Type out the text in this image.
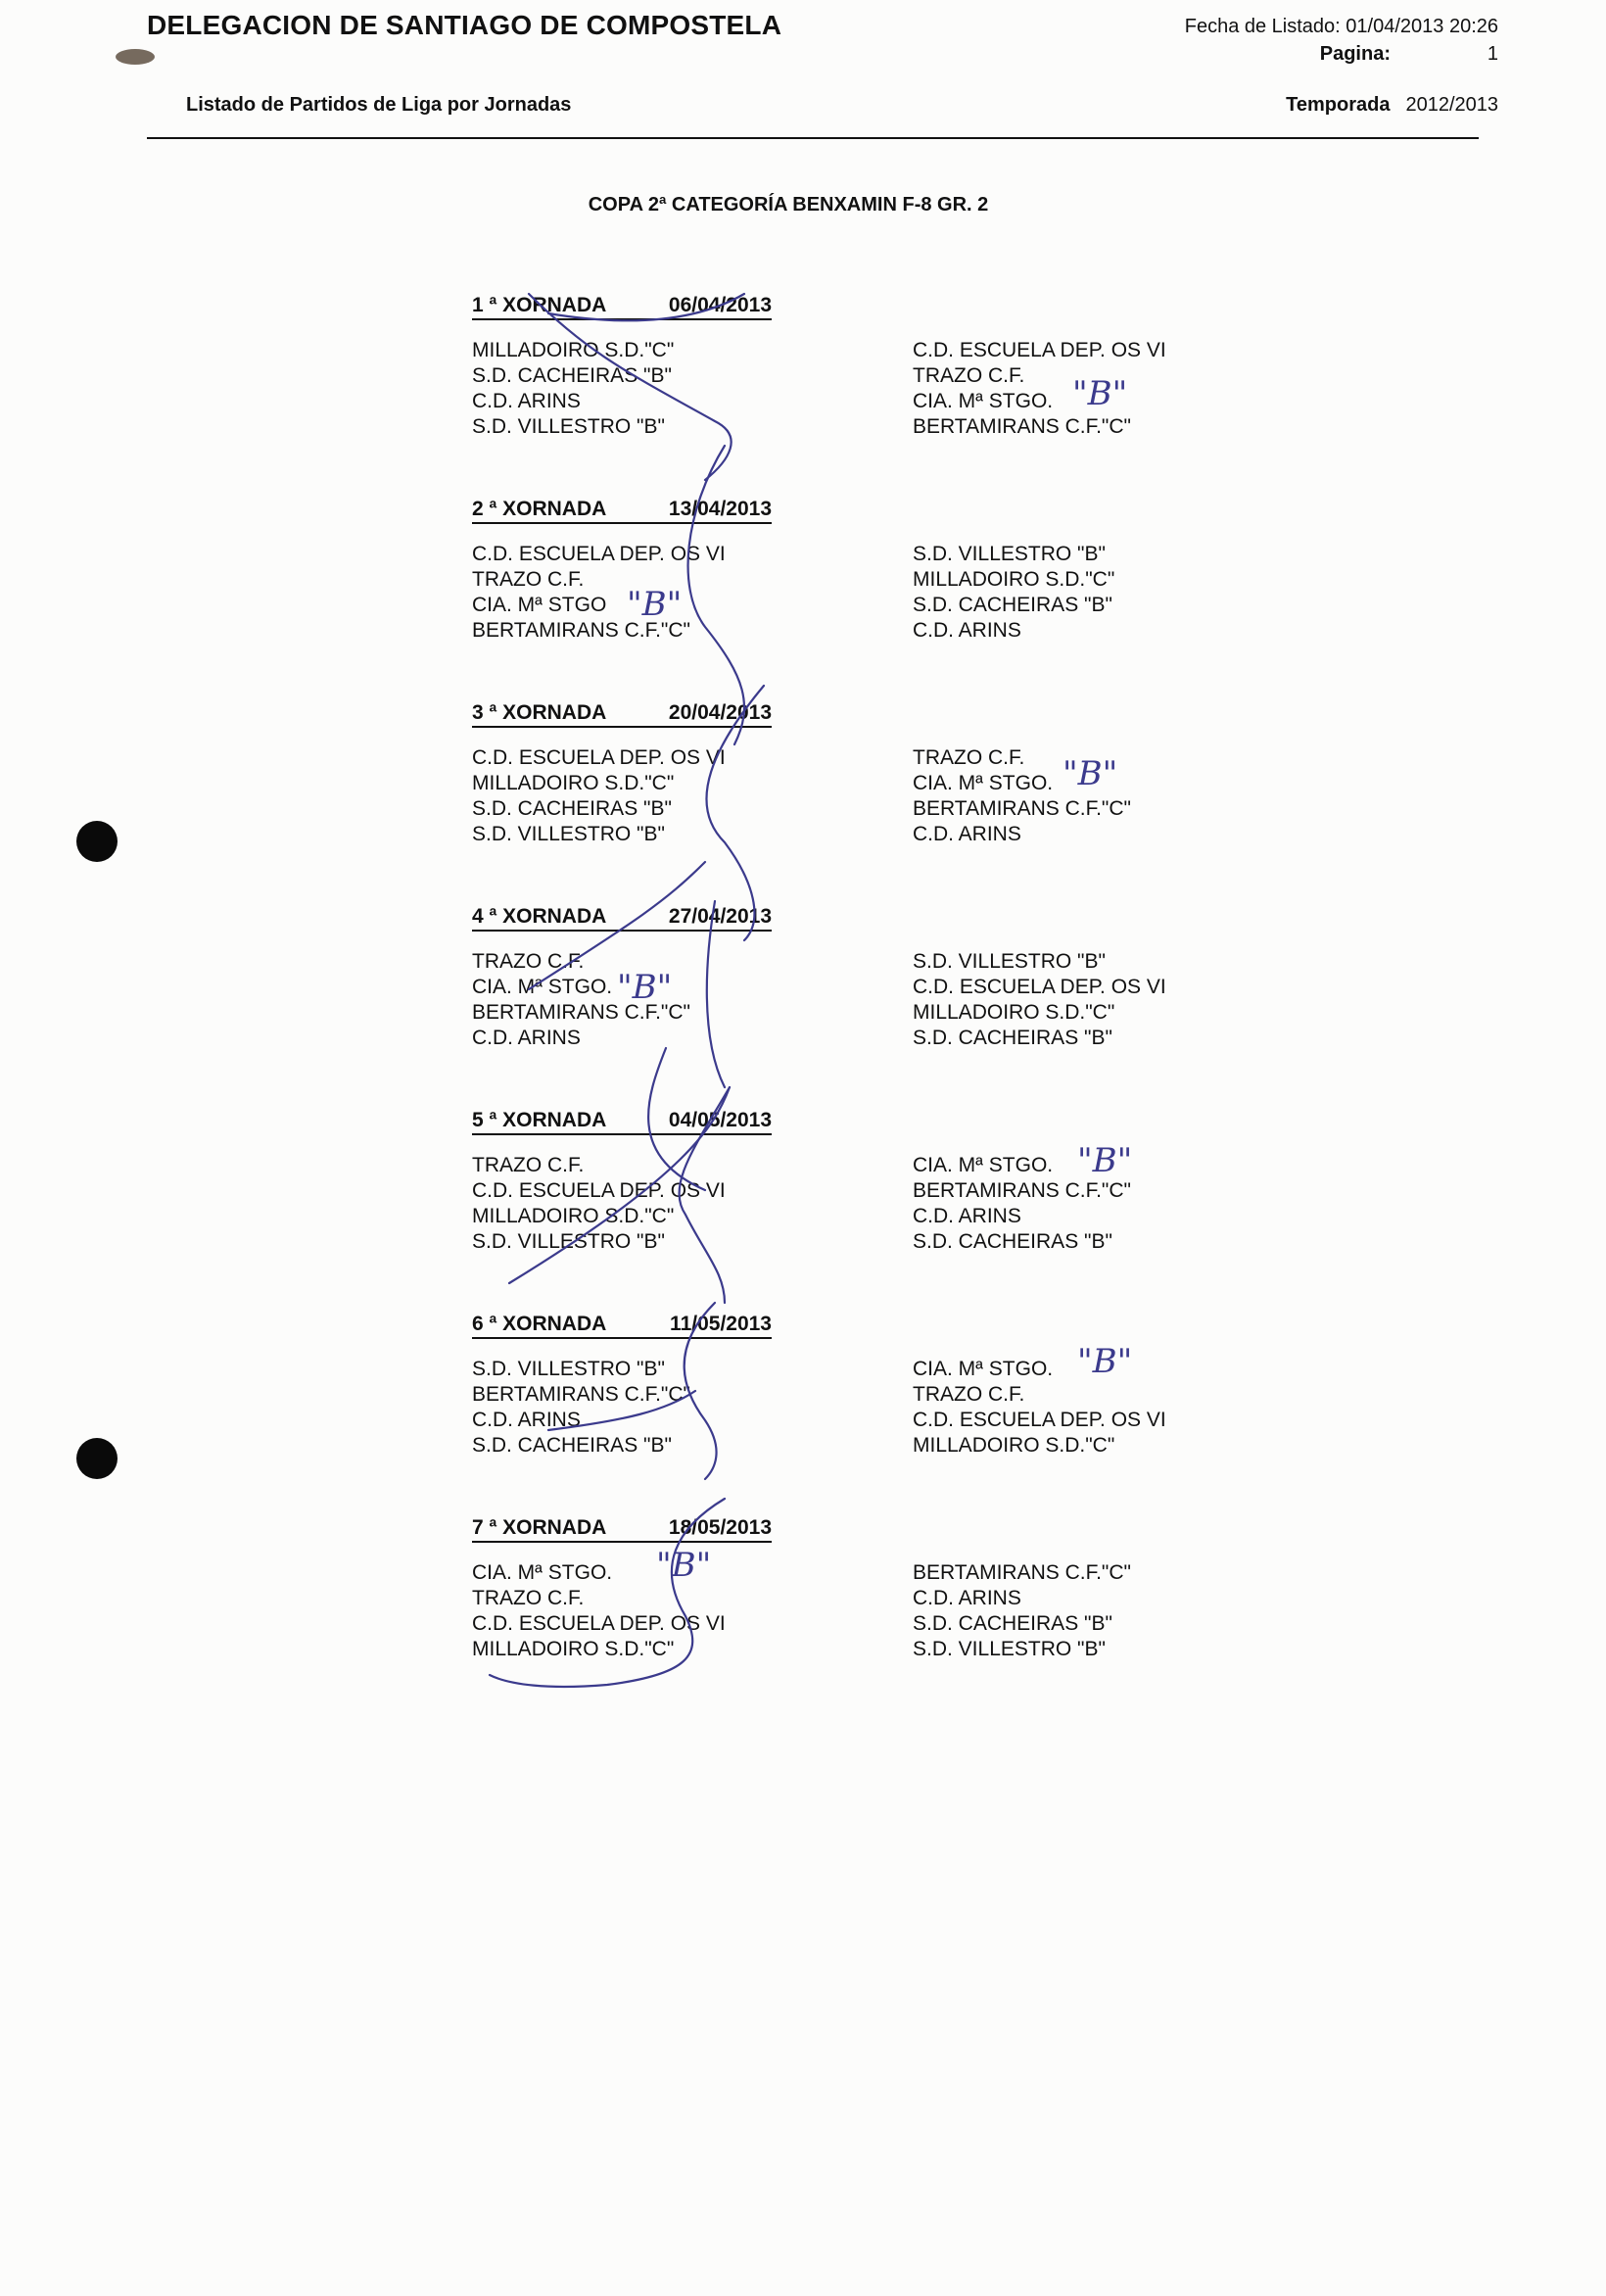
DELEGACION DE SANTIAGO DE COMPOSTELA	Fecha de Listado: 01/04/2013 20:26
Pagina:	1
Listado de Partidos de Liga por Jornadas	Temporada 2012/2013
COPA 2ª CATEGORÍA BENXAMIN F-8 GR. 2
1 ª XORNADA	06/04/2013
MILLADOIRO S.D."C"	C.D. ESCUELA DEP. OS VI
S.D. CACHEIRAS "B"	TRAZO C.F.
C.D. ARINS	CIA. Mª STGO.
S.D. VILLESTRO "B"	BERTAMIRANS C.F."C"
2 ª XORNADA	13/04/2013
C.D. ESCUELA DEP. OS VI	S.D. VILLESTRO "B"
TRAZO C.F.	MILLADOIRO S.D."C"
CIA. Mª STGO	S.D. CACHEIRAS "B"
BERTAMIRANS C.F."C"	C.D. ARINS
3 ª XORNADA	20/04/2013
C.D. ESCUELA DEP. OS VI	TRAZO C.F.
MILLADOIRO S.D."C"	CIA. Mª STGO.
S.D. CACHEIRAS "B"	BERTAMIRANS C.F."C"
S.D. VILLESTRO "B"	C.D. ARINS
4 ª XORNADA	27/04/2013
TRAZO C.F.	S.D. VILLESTRO "B"
CIA. Mª STGO.	C.D. ESCUELA DEP. OS VI
BERTAMIRANS C.F."C"	MILLADOIRO S.D."C"
C.D. ARINS	S.D. CACHEIRAS "B"
5 ª XORNADA	04/05/2013
TRAZO C.F.	CIA. Mª STGO.
C.D. ESCUELA DEP. OS VI	BERTAMIRANS C.F."C"
MILLADOIRO S.D."C"	C.D. ARINS
S.D. VILLESTRO "B"	S.D. CACHEIRAS "B"
6 ª XORNADA	11/05/2013
S.D. VILLESTRO "B"	CIA. Mª STGO.
BERTAMIRANS C.F."C"	TRAZO C.F.
C.D. ARINS	C.D. ESCUELA DEP. OS VI
S.D. CACHEIRAS "B"	MILLADOIRO S.D."C"
7 ª XORNADA	18/05/2013
CIA. Mª STGO.	BERTAMIRANS C.F."C"
TRAZO C.F.	C.D. ARINS
C.D. ESCUELA DEP. OS VI	S.D. CACHEIRAS "B"
MILLADOIRO S.D."C"	S.D. VILLESTRO "B"
"B"
"B"
"B"
"B"
"B"
"B"
"B"
